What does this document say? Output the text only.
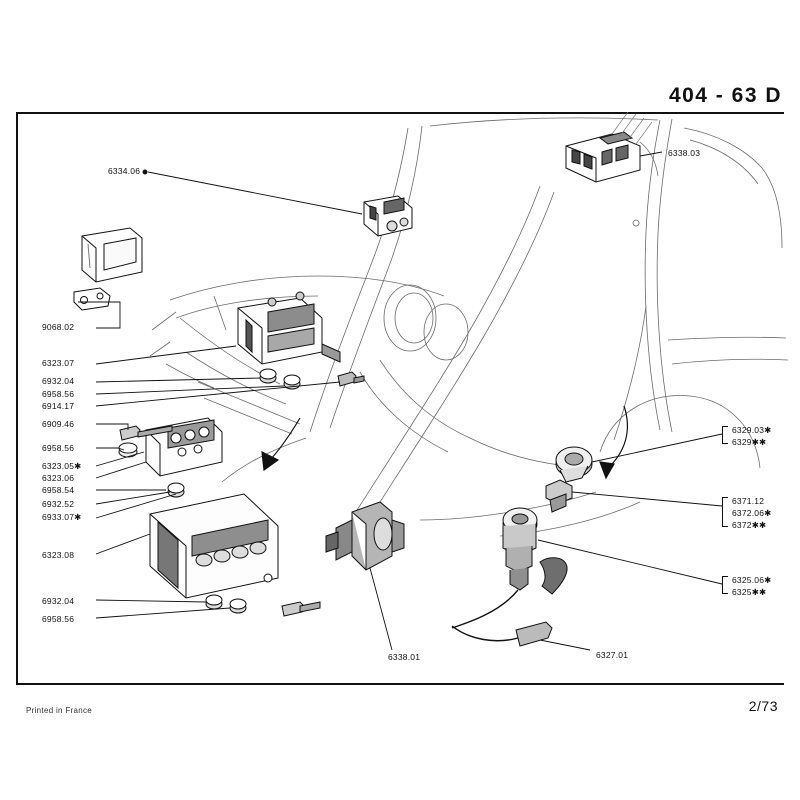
404 - 63 D
6334.06
9068.02
6323.07
6932.04
6958.56
6914.17
6909.46
6958.56
6323.05✱
6323.06
6958.54
6932.52
6933.07✱
6323.08
6932.04
6958.56
6338.03
6329.03✱
6329✱✱
6371.12
6372.06✱
6372✱✱
6325.06✱
6325✱✱
6338.01	6327.01
Printed in France	2/73
